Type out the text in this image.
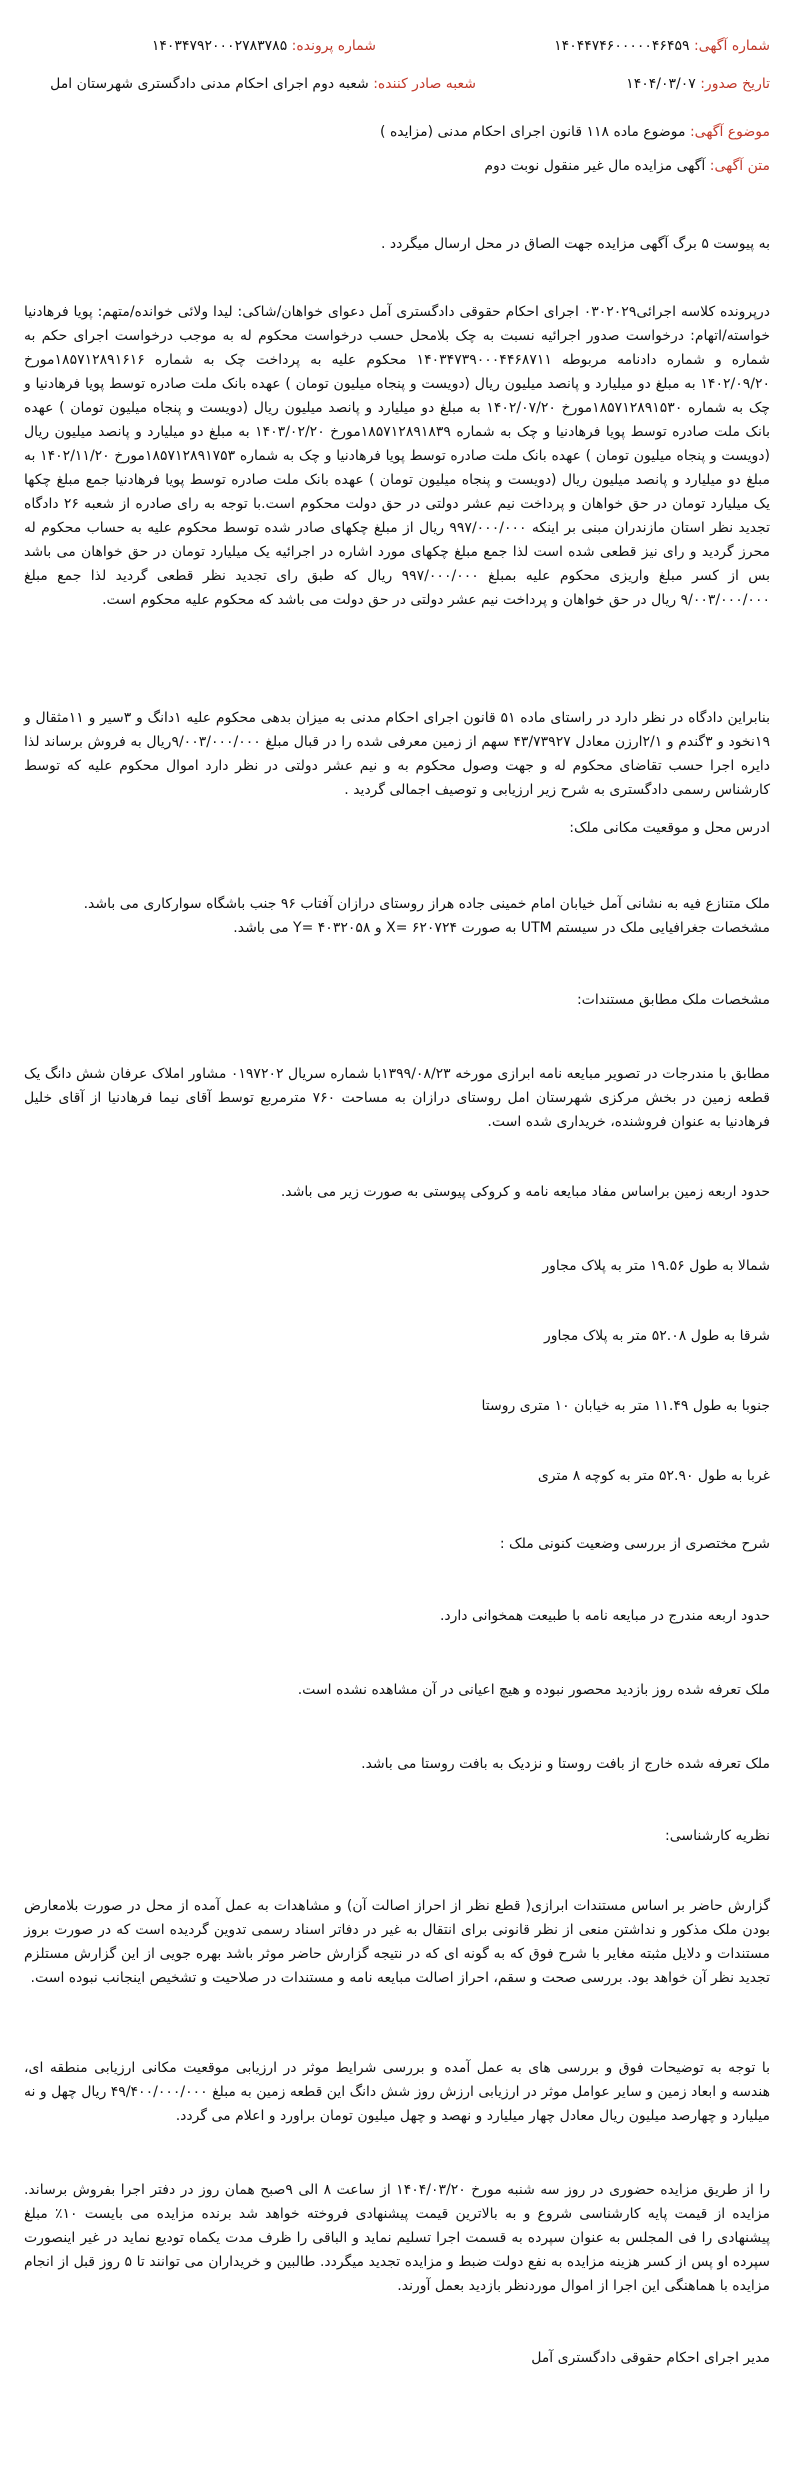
شماره آگهی: ۱۴۰۴۴۷۴۶۰۰۰۰۰۴۶۴۵۹
شماره پرونده: ۱۴۰۳۴۷۹۲۰۰۰۲۷۸۳۷۸۵
تاریخ صدور: ۱۴۰۴/۰۳/۰۷
شعبه صادر کننده: شعبه دوم اجرای احکام مدنی دادگستری شهرستان امل
موضوع آگهی: موضوع ماده ۱۱۸ قانون اجرای احکام مدنی (مزایده )
متن آگهی: آگهی مزایده مال غیر منقول نوبت دوم
به پیوست ۵ برگ آگهی مزایده جهت الصاق در محل ارسال میگردد .
درپرونده کلاسه اجرائی۰۳۰۲۰۲۹ اجرای احکام حقوقی دادگستری آمل دعوای خواهان/شاکی: لیدا ولائی خوانده/متهم: پویا فرهادنیا خواسته/اتهام: درخواست صدور اجرائیه نسبت به چک بلامحل حسب درخواست محکوم له به موجب درخواست اجرای حکم به شماره و شماره دادنامه مربوطه ۱۴۰۳۴۷۳۹۰۰۰۴۴۶۸۷۱۱ محکوم علیه به پرداخت چک به شماره ۱۸۵۷۱۲۸۹۱۶۱۶مورخ ۱۴۰۲/۰۹/۲۰ به مبلغ دو میلیارد و پانصد میلیون ریال (دویست و پنجاه میلیون تومان ) عهده بانک ملت صادره توسط پویا فرهادنیا و چک به شماره ۱۸۵۷۱۲۸۹۱۵۳۰مورخ ۱۴۰۲/۰۷/۲۰ به مبلغ دو میلیارد و پانصد میلیون ریال (دویست و پنجاه میلیون تومان ) عهده بانک ملت صادره توسط پویا فرهادنیا و چک به شماره ۱۸۵۷۱۲۸۹۱۸۳۹مورخ ۱۴۰۳/۰۲/۲۰ به مبلغ دو میلیارد و پانصد میلیون ریال (دویست و پنجاه میلیون تومان ) عهده بانک ملت صادره توسط پویا فرهادنیا و چک به شماره ۱۸۵۷۱۲۸۹۱۷۵۳مورخ ۱۴۰۲/۱۱/۲۰ به مبلغ دو میلیارد و پانصد میلیون ریال (دویست و پنجاه میلیون تومان ) عهده بانک ملت صادره توسط پویا فرهادنیا جمع مبلغ چکها یک میلیارد تومان در حق خواهان و پرداخت نیم عشر دولتی در حق دولت محکوم است.با توجه به رای صادره از شعبه ۲۶ دادگاه تجدید نظر استان مازندران مبنی بر اینکه ۹۹۷/۰۰۰/۰۰۰ ریال از مبلغ چکهای صادر شده توسط محکوم علیه به حساب محکوم له محرز گردید و رای نیز قطعی شده است لذا جمع مبلغ چکهای مورد اشاره در اجرائیه یک میلیارد تومان در حق خواهان می باشد بس از کسر مبلغ واریزی محکوم علیه بمبلغ ۹۹۷/۰۰۰/۰۰۰ ریال که طبق رای تجدید نظر قطعی گردید لذا جمع مبلغ ۹/۰۰۳/۰۰۰/۰۰۰ ریال در حق خواهان و پرداخت نیم عشر دولتی در حق دولت می باشد که محکوم علیه محکوم است.
بنابراین دادگاه در نظر دارد در راستای ماده ۵۱ قانون اجرای احکام مدنی به میزان بدهی محکوم علیه ۱دانگ و ۳سیر و ۱۱مثقال و ۱۹نخود و ۳گندم و ۲/۱ارزن معادل ۴۳/۷۳۹۲۷ سهم از زمین معرفی شده را در قبال مبلغ ۹/۰۰۳/۰۰۰/۰۰۰ریال به فروش برساند لذا دایره اجرا حسب تقاضای محکوم له و جهت وصول محکوم به و نیم عشر دولتی در نظر دارد اموال محکوم علیه که توسط کارشناس رسمی دادگستری به شرح زیر ارزیابی و توصیف اجمالی گردید .
ادرس محل و موقعیت مکانی ملک:
ملک متنازع فیه به نشانی آمل خیابان امام خمینی جاده هراز روستای درازان آفتاب ۹۶ جنب باشگاه سوارکاری می باشد.
مشخصات جغرافیایی ملک در سیستم UTM به صورت ۶۲۰۷۲۴ =X و ۴۰۳۲۰۵۸ =Y می باشد.
مشخصات ملک مطابق مستندات:
مطابق با مندرجات در تصویر مبایعه نامه ابرازی مورخه ۱۳۹۹/۰۸/۲۳با شماره سریال ۰۱۹۷۲۰۲ مشاور املاک عرفان شش دانگ یک قطعه زمین در بخش مرکزی شهرستان امل روستای درازان به مساحت ۷۶۰ مترمربع توسط آقای نیما فرهادنیا از آقای خلیل فرهادنیا به عنوان فروشنده، خریداری شده است.
حدود اربعه زمین براساس مفاد مبایعه نامه و کروکی پیوستی به صورت زیر می باشد.
شمالا به طول ۱۹.۵۶ متر به پلاک مجاور
شرقا به طول ۵۲.۰۸ متر به پلاک مجاور
جنوبا به طول ۱۱.۴۹ متر به خیابان ۱۰ متری روستا
غربا به طول ۵۲.۹۰ متر به کوچه ۸ متری
شرح مختصری از بررسی وضعیت کنونی ملک :
حدود اربعه مندرج در مبایعه نامه با طبیعت همخوانی دارد.
ملک تعرفه شده روز بازدید محصور نبوده و هیچ اعیانی در آن مشاهده نشده است.
ملک تعرفه شده خارج از بافت روستا و نزدیک به بافت روستا می باشد.
نظریه کارشناسی:
گزارش حاضر بر اساس مستندات ابرازی( قطع نظر از احراز اصالت آن) و مشاهدات به عمل آمده از محل در صورت بلامعارض بودن ملک مذکور و نداشتن منعی از نظر قانونی برای انتقال به غیر در دفاتر اسناد رسمی تدوین گردیده است که در صورت بروز مستندات و دلایل مثبته مغایر با شرح فوق که به گونه ای که در نتیجه گزارش حاضر موثر باشد بهره جویی از این گزارش مستلزم تجدید نظر آن خواهد بود. بررسی صحت و سقم، احراز اصالت مبایعه نامه و مستندات در صلاحیت و تشخیص اینجانب نبوده است.
با توجه به توضیحات فوق و بررسی های به عمل آمده و بررسی شرایط موثر در ارزیابی موقعیت مکانی ارزیابی منطقه ای، هندسه و ابعاد زمین و سایر عوامل موثر در ارزیابی ارزش روز شش دانگ این قطعه زمین به مبلغ ۴۹/۴۰۰/۰۰۰/۰۰۰ ریال چهل و نه میلیارد و چهارصد میلیون ریال معادل چهار میلیارد و نهصد و چهل میلیون تومان براورد و اعلام می گردد.
را از طریق مزایده حضوری در روز سه شنبه مورخ ۱۴۰۴/۰۳/۲۰ از ساعت ۸ الی ۹صبح همان روز در دفتر اجرا بفروش برساند. مزایده از قیمت پایه کارشناسی شروع و به بالاترین قیمت پیشنهادی فروخته خواهد شد برنده مزایده می بایست ۱۰٪ مبلغ پیشنهادی را فی المجلس به عنوان سپرده به قسمت اجرا تسلیم نماید و الباقی را ظرف مدت یکماه تودیع نماید در غیر اینصورت سپرده او پس از کسر هزینه مزایده به نفع دولت ضبط و مزایده تجدید میگردد. طالبین و خریداران می توانند تا ۵ روز قبل از انجام مزایده با هماهنگی این اجرا از اموال موردنظر بازدید بعمل آورند.
مدیر اجرای احکام حقوقی دادگستری آمل
